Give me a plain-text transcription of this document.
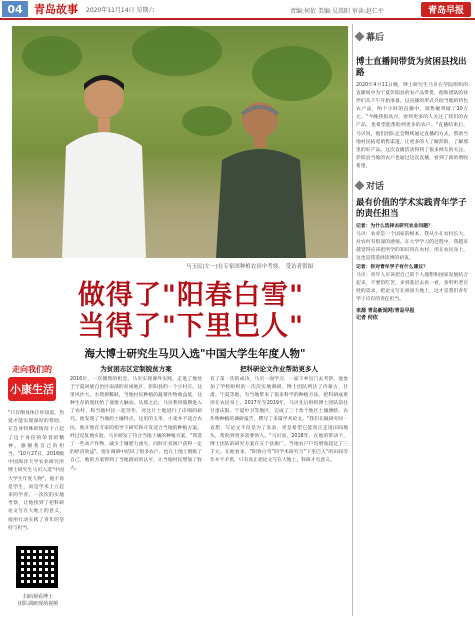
04	青岛故事 2020年11月14日 星期六	责编:何依 美编:吴嵩阳 审读:赵仁平	青岛早报
马玉民(左一)在专家团种植农田中考察。 受访者供图
做得了"阳春白雪"
当得了"下里巴人"
海大博士研究生马贝入选"中国大学生年度人物"
走向我们的
小康生活
"只有倒身体让你知道，热爱才能实现深厚的帮助，在自身特殊的情况下立起了这个身份的荣誉的精神，感谢我自己的担当。"10月27日，2016级中国海洋大学农业研究所博士研究生马贝入选"中国大学生年度人物"，他不再是学生，而是学术上立起来的学者。一次次的实地考察，让他找到了把科研论文写在大地上的意义，他用行动实践了青年的坚持与担当。
扫码观看博士
团队调研现场视频
为贫困志区定制脱贫方案
2016年，一次偶然的机会，马贝实现课外实践，走进了地处于宁夏回族自治区南部的贫困地区，彭阳县的一个小村庄。这里风沙大、水资源稀缺，当地村民种植的蔬菜作物收益低，这种生存的现状给了他很大触动。从那之后，马贝利用假期进入了农村，和当地村民一起劳作，对这片土地进行了详细的研究。他发现了当地的土壤特点，这里的玉米、小麦并不适合农民，他开始在专家的指导下研究和开发适合当地的种植方案。经过反复地实验，马贝研发了符合当地土壤的种植方案，"我选了一些高产作物，减少土壤肥力流失，同时让贫困户获得一定的经济效益"。他在调研中结识了很多农户，也在土地上锻炼了自己，他的方案得到了当地政府的认可，让当地村民增加了收入。
把科研论文作业帮助更多人
有了第一次的成功，马贝一面学习，一面下乡出门去考察，他参加了学校组织的一次次实地调研，博士团队到达了内蒙古、甘肃、宁夏等地，为当地带来了很多科学的种植方法，把科研成果用在农民身上。2017年至2019年，马贝先后组织博士团队前往甘肃庆阳、宁夏中卫等地区，完成了三十余个地区土壤测绘、农作物种植的调研报告，撰写了多篇学术论文。"我们在做研究时一直想，写论文不仅是为了发表，更是希望它能真正走进田间地头，帮助到更多需要的人。"马贝说。2018年，在他的带动下，博士团队的研究方案在五个县推广，当地农户户均增收超过了三千元。在他看来，"阳春白雪"的学术研究与"下里巴人"的田间劳作并不矛盾，只有真正把论文写在大地上，科研才有意义。
幕后
博士直播间带货为贫困县找出路
2020年4月11日晚，博士研究生马贝在学院组织的直播间中为宁夏彭阳县的农产品带货，他和团队的伙伴们从下午开始准备，以直播的形式介绍当地的特色农产品，两个小时的直播中，销售额突破了10万元。"今晚我很高兴，看到更多的人关注了我们的农产品，也希望能帮助到更多的农户。"直播结束后，马贝说，他们团队还会继续通过直播的方式，帮助当地村民拓宽销售渠道，让更多的人了解彭阳、了解那里的好产品。这次直播活动得到了很多网友的关注，彭阳县当地的农户也通过这次直播，看到了新的增收希望。
对话
最有价值的学术实践青年学子的责任担当
记者：为什么选择去研究农业问题？
马贝：农业是一个国家的根本，我从小在农村长大，对农村有很深的感情。在大学学习的过程中，我越来越觉得应该把所学的知识用在农村、用在农民身上，这也是我选择读博的初衷。
记者：你对青年学子有什么建议？
马贝：青年人应该把自己的个人理想和国家发展结合起来，不要怕吃苦，多到基层去看一看，多听听老百姓的需求，把论文写在祖国大地上，这才是我们青年学子应有的责任担当。
来源 青岛新闻网/青岛早报
记者 何依
